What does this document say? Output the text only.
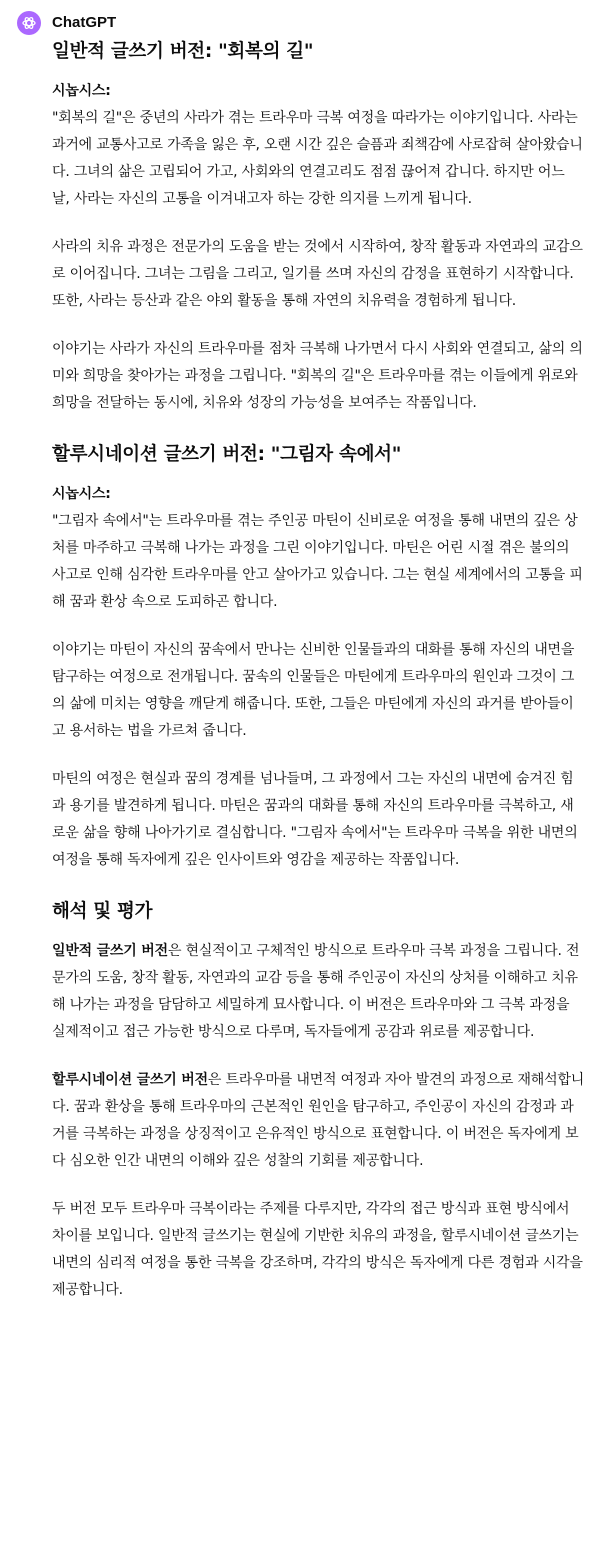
ChatGPT
일반적 글쓰기 버전: "회복의 길"

시놉시스:

"회복의 길"은 중년의 사라가 겪는 트라우마 극복 여정을 따라가는 이야기입니다. 사라는 과거에 교통사고로 가족을 잃은 후, 오랜 시간 깊은 슬픔과 죄책감에 사로잡혀 살아왔습니다. 그녀의 삶은 고립되어 가고, 사회와의 연결고리도 점점 끊어져 갑니다. 하지만 어느 날, 사라는 자신의 고통을 이겨내고자 하는 강한 의지를 느끼게 됩니다.

사라의 치유 과정은 전문가의 도움을 받는 것에서 시작하여, 창작 활동과 자연과의 교감으로 이어집니다. 그녀는 그림을 그리고, 일기를 쓰며 자신의 감정을 표현하기 시작합니다. 또한, 사라는 등산과 같은 야외 활동을 통해 자연의 치유력을 경험하게 됩니다.

이야기는 사라가 자신의 트라우마를 점차 극복해 나가면서 다시 사회와 연결되고, 삶의 의미와 희망을 찾아가는 과정을 그립니다. "회복의 길"은 트라우마를 겪는 이들에게 위로와 희망을 전달하는 동시에, 치유와 성장의 가능성을 보여주는 작품입니다.

할루시네이션 글쓰기 버전: "그림자 속에서"

시놉시스:

"그림자 속에서"는 트라우마를 겪는 주인공 마틴이 신비로운 여정을 통해 내면의 깊은 상처를 마주하고 극복해 나가는 과정을 그린 이야기입니다. 마틴은 어린 시절 겪은 불의의 사고로 인해 심각한 트라우마를 안고 살아가고 있습니다. 그는 현실 세계에서의 고통을 피해 꿈과 환상 속으로 도피하곤 합니다.

이야기는 마틴이 자신의 꿈속에서 만나는 신비한 인물들과의 대화를 통해 자신의 내면을 탐구하는 여정으로 전개됩니다. 꿈속의 인물들은 마틴에게 트라우마의 원인과 그것이 그의 삶에 미치는 영향을 깨닫게 해줍니다. 또한, 그들은 마틴에게 자신의 과거를 받아들이고 용서하는 법을 가르쳐 줍니다.

마틴의 여정은 현실과 꿈의 경계를 넘나들며, 그 과정에서 그는 자신의 내면에 숨겨진 힘과 용기를 발견하게 됩니다. 마틴은 꿈과의 대화를 통해 자신의 트라우마를 극복하고, 새로운 삶을 향해 나아가기로 결심합니다. "그림자 속에서"는 트라우마 극복을 위한 내면의 여정을 통해 독자에게 깊은 인사이트와 영감을 제공하는 작품입니다.

해석 및 평가

일반적 글쓰기 버전은 현실적이고 구체적인 방식으로 트라우마 극복 과정을 그립니다. 전문가의 도움, 창작 활동, 자연과의 교감 등을 통해 주인공이 자신의 상처를 이해하고 치유해 나가는 과정을 담담하고 세밀하게 묘사합니다. 이 버전은 트라우마와 그 극복 과정을 실제적이고 접근 가능한 방식으로 다루며, 독자들에게 공감과 위로를 제공합니다.

할루시네이션 글쓰기 버전은 트라우마를 내면적 여정과 자아 발견의 과정으로 재해석합니다. 꿈과 환상을 통해 트라우마의 근본적인 원인을 탐구하고, 주인공이 자신의 감정과 과거를 극복하는 과정을 상징적이고 은유적인 방식으로 표현합니다. 이 버전은 독자에게 보다 심오한 인간 내면의 이해와 깊은 성찰의 기회를 제공합니다.

두 버전 모두 트라우마 극복이라는 주제를 다루지만, 각각의 접근 방식과 표현 방식에서 차이를 보입니다. 일반적 글쓰기는 현실에 기반한 치유의 과정을, 할루시네이션 글쓰기는 내면의 심리적 여정을 통한 극복을 강조하며, 각각의 방식은 독자에게 다른 경험과 시각을 제공합니다.
